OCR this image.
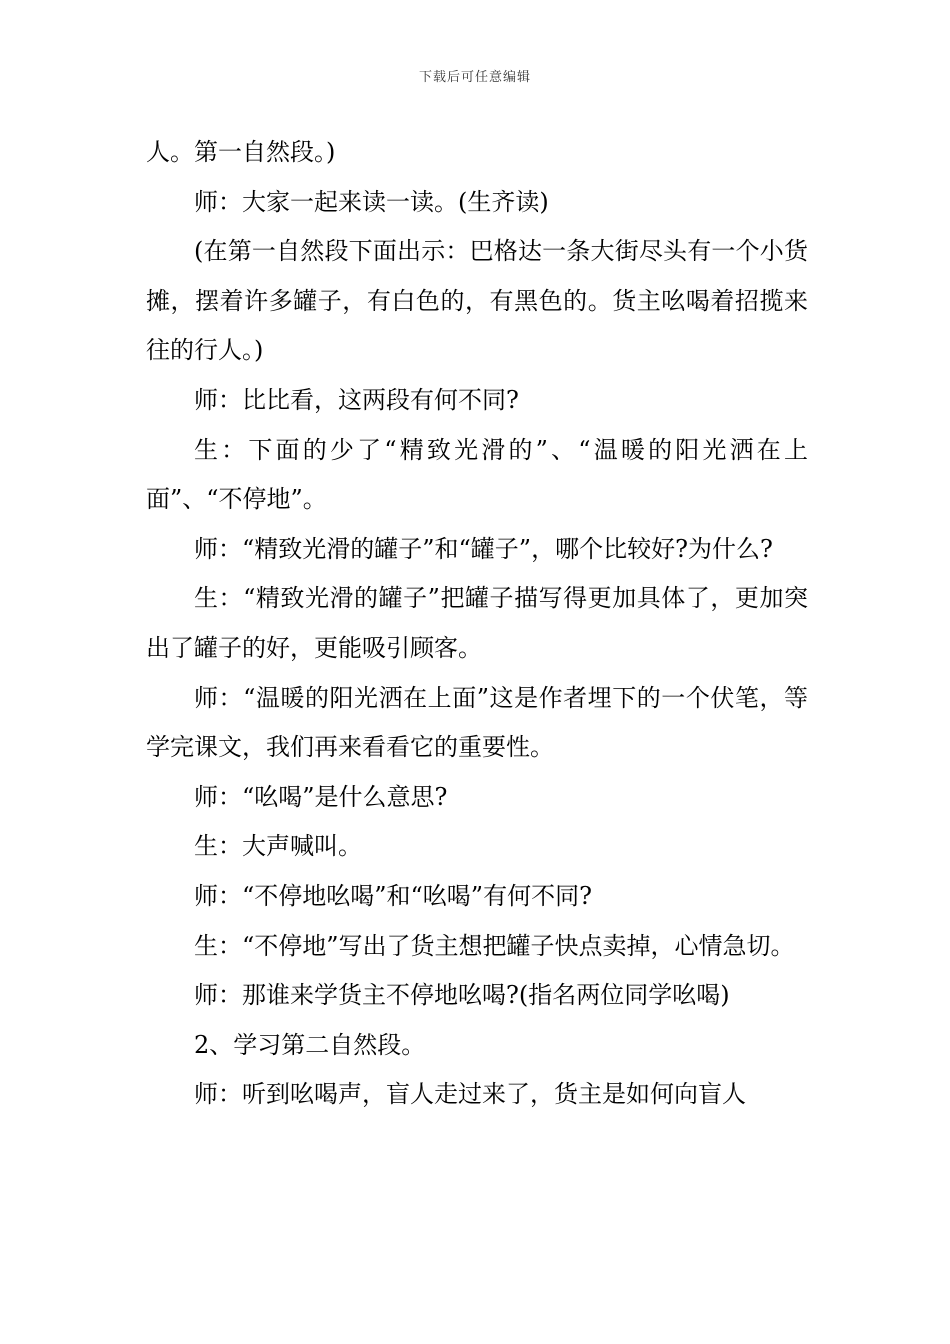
下载后可任意编辑

人。第一自然段。)

师：大家一起来读一读。(生齐读)

(在第一自然段下面出示：巴格达一条大街尽头有一个小货摊，摆着许多罐子，有白色的，有黑色的。货主吆喝着招揽来往的行人。)

师：比比看，这两段有何不同?

生：下面的少了“精致光滑的”、“温暖的阳光洒在上面”、“不停地”。

师：“精致光滑的罐子”和“罐子”，哪个比较好?为什么?

生：“精致光滑的罐子”把罐子描写得更加具体了，更加突出了罐子的好，更能吸引顾客。

师：“温暖的阳光洒在上面”这是作者埋下的一个伏笔，等学完课文，我们再来看看它的重要性。

师：“吆喝”是什么意思?

生：大声喊叫。

师：“不停地吆喝”和“吆喝”有何不同?

生：“不停地”写出了货主想把罐子快点卖掉，心情急切。

师：那谁来学货主不停地吆喝?(指名两位同学吆喝)

2、学习第二自然段。

师：听到吆喝声，盲人走过来了，货主是如何向盲人
